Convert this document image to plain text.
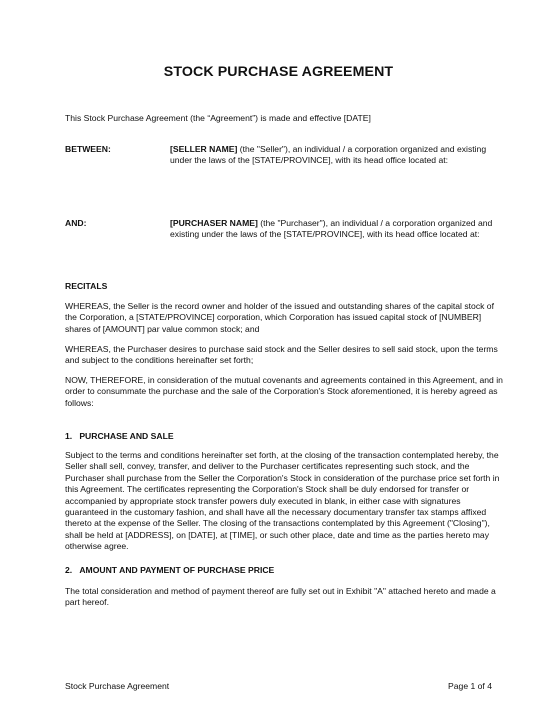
STOCK PURCHASE AGREEMENT

This Stock Purchase Agreement (the “Agreement”) is made and effective [DATE]

BETWEEN:	[SELLER NAME] (the "Seller"), an individual / a corporation organized and existing under the laws of the [STATE/PROVINCE], with its head office located at:

AND:	[PURCHASER NAME] (the "Purchaser"), an individual / a corporation organized and existing under the laws of the [STATE/PROVINCE], with its head office located at:

RECITALS

WHEREAS, the Seller is the record owner and holder of the issued and outstanding shares of the capital stock of the Corporation, a [STATE/PROVINCE] corporation, which Corporation has issued capital stock of [NUMBER] shares of [AMOUNT] par value common stock; and

WHEREAS, the Purchaser desires to purchase said stock and the Seller desires to sell said stock, upon the terms and subject to the conditions hereinafter set forth;

NOW, THEREFORE, in consideration of the mutual covenants and agreements contained in this Agreement, and in order to consummate the purchase and the sale of the Corporation's Stock aforementioned, it is hereby agreed as follows:

1.   PURCHASE AND SALE

Subject to the terms and conditions hereinafter set forth, at the closing of the transaction contemplated hereby, the Seller shall sell, convey, transfer, and deliver to the Purchaser certificates representing such stock, and the Purchaser shall purchase from the Seller the Corporation's Stock in consideration of the purchase price set forth in this Agreement. The certificates representing the Corporation's Stock shall be duly endorsed for transfer or accompanied by appropriate stock transfer powers duly executed in blank, in either case with signatures guaranteed in the customary fashion, and shall have all the necessary documentary transfer tax stamps affixed thereto at the expense of the Seller. The closing of the transactions contemplated by this Agreement ("Closing"), shall be held at [ADDRESS], on [DATE], at [TIME], or such other place, date and time as the parties hereto may otherwise agree.

2.   AMOUNT AND PAYMENT OF PURCHASE PRICE

The total consideration and method of payment thereof are fully set out in Exhibit "A" attached hereto and made a part hereof.

Stock Purchase Agreement	Page 1 of 4
